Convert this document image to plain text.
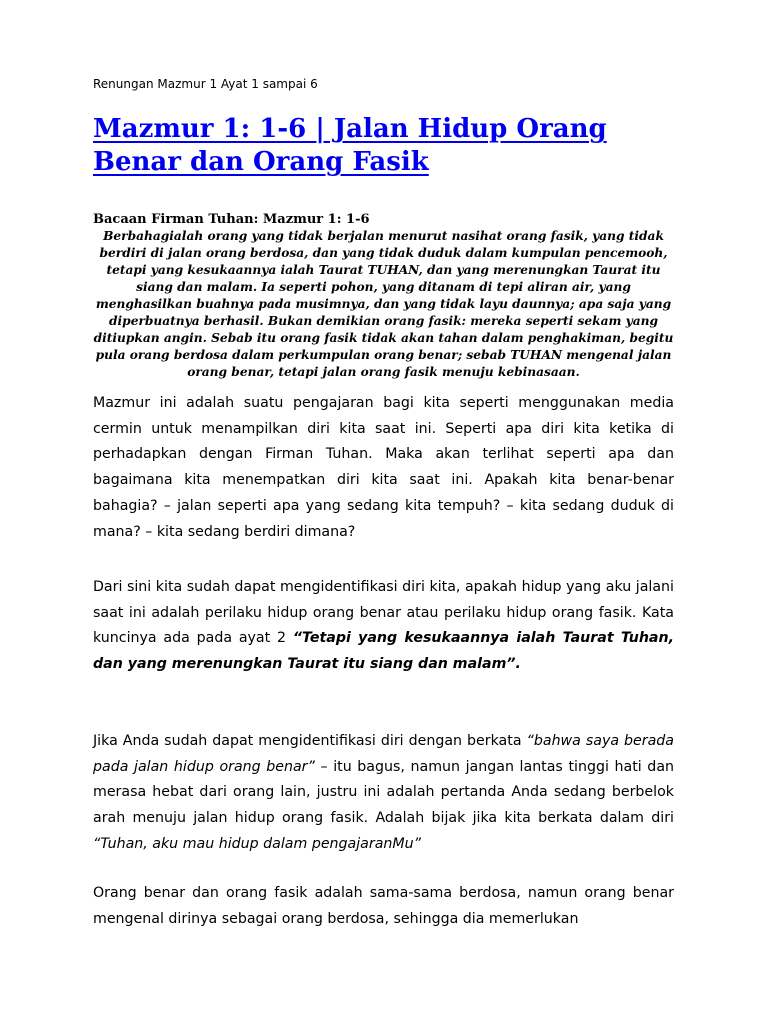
Renungan Mazmur 1 Ayat 1 sampai 6
Mazmur 1: 1-6 | Jalan Hidup Orang Benar dan Orang Fasik
Bacaan Firman Tuhan: Mazmur 1: 1-6
Berbahagialah orang yang tidak berjalan menurut nasihat orang fasik, yang tidak berdiri di jalan orang berdosa, dan yang tidak duduk dalam kumpulan pencemooh, tetapi yang kesukaannya ialah Taurat TUHAN, dan yang merenungkan Taurat itu siang dan malam. Ia seperti pohon, yang ditanam di tepi aliran air, yang menghasilkan buahnya pada musimnya, dan yang tidak layu daunnya; apa saja yang diperbuatnya berhasil. Bukan demikian orang fasik: mereka seperti sekam yang ditiupkan angin. Sebab itu orang fasik tidak akan tahan dalam penghakiman, begitu pula orang berdosa dalam perkumpulan orang benar; sebab TUHAN mengenal jalan orang benar, tetapi jalan orang fasik menuju kebinasaan.

Mazmur ini adalah suatu pengajaran bagi kita seperti menggunakan media cermin untuk menampilkan diri kita saat ini. Seperti apa diri kita ketika di perhadapkan dengan Firman Tuhan. Maka akan terlihat seperti apa dan bagaimana kita menempatkan diri kita saat ini. Apakah kita benar-benar bahagia? – jalan seperti apa yang sedang kita tempuh? – kita sedang duduk di mana? – kita sedang berdiri dimana?

Dari sini kita sudah dapat mengidentifikasi diri kita, apakah hidup yang aku jalani saat ini adalah perilaku hidup orang benar atau perilaku hidup orang fasik. Kata kuncinya ada pada ayat 2 “Tetapi yang kesukaannya ialah Taurat Tuhan, dan yang merenungkan Taurat itu siang dan malam”.

Jika Anda sudah dapat mengidentifikasi diri dengan berkata “bahwa saya berada pada jalan hidup orang benar” – itu bagus, namun jangan lantas tinggi hati dan merasa hebat dari orang lain, justru ini adalah pertanda Anda sedang berbelok arah menuju jalan hidup orang fasik. Adalah bijak jika kita berkata dalam diri “Tuhan, aku mau hidup dalam pengajaranMu”

Orang benar dan orang fasik adalah sama-sama berdosa, namun orang benar mengenal dirinya sebagai orang berdosa, sehingga dia memerlukan
